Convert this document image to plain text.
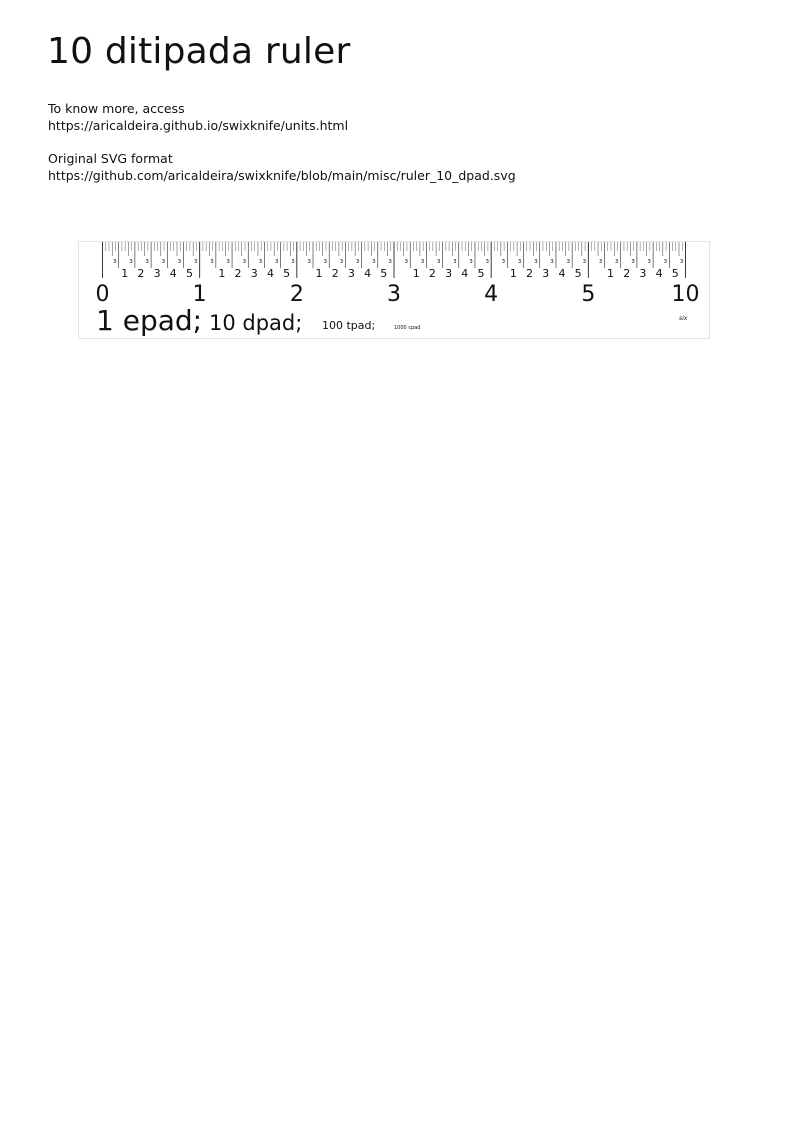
10 ditipada ruler
To know more, access
https://aricaldeira.github.io/swixknife/units.html
Original SVG format
https://github.com/aricaldeira/swixknife/blob/main/misc/ruler_10_dpad.svg
3
1
3
2
3
3
3
4
3
5
3 3
1
3
2
3
3
3
4
3
5
3 3
1
3
2
3
3
3
4
3
5
3 3
1
3
2
3
3
3
4
3
5
3 3
1
3
2
3
3
3
4
3
5
3 3
1
3
2
3
3
3
4
3
5
3
0	1	2	3	4	5	10
1 epad; 10 dpad; 100 tpad;	1000 cpad
six
